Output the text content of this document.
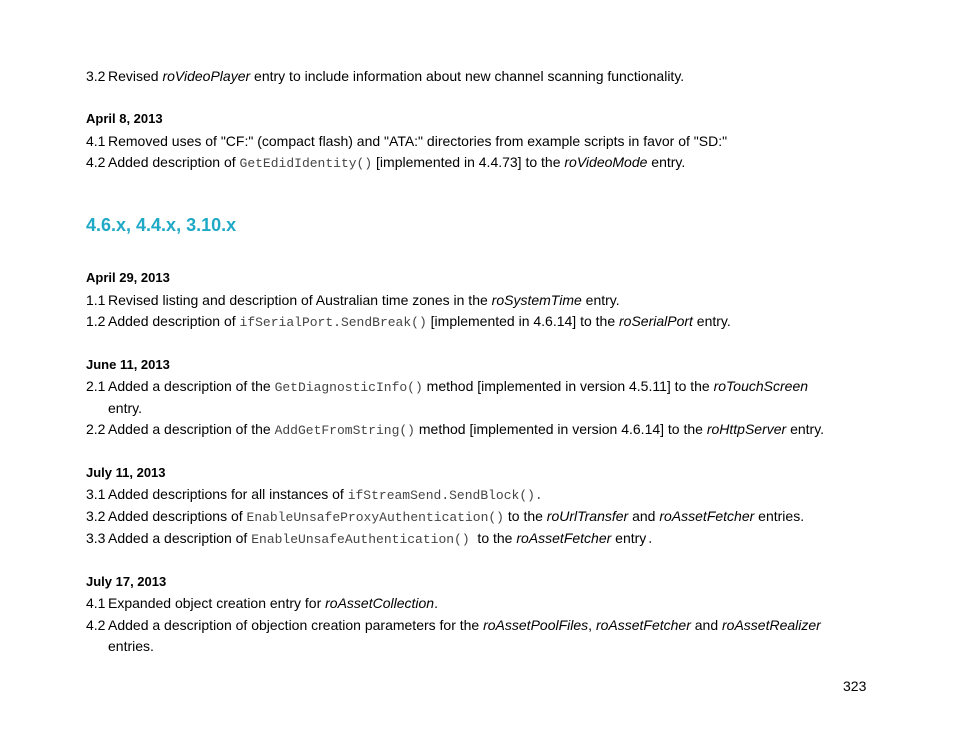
3.2 Revised roVideoPlayer entry to include information about new channel scanning functionality.
April 8, 2013
4.1 Removed uses of "CF:" (compact flash) and "ATA:" directories from example scripts in favor of "SD:"
4.2 Added description of GetEdidIdentity() [implemented in 4.4.73] to the roVideoMode entry.
4.6.x, 4.4.x, 3.10.x
April 29, 2013
1.1 Revised listing and description of Australian time zones in the roSystemTime entry.
1.2 Added description of ifSerialPort.SendBreak() [implemented in 4.6.14] to the roSerialPort entry.
June 11, 2013
2.1 Added a description of the GetDiagnosticInfo() method [implemented in version 4.5.11] to the roTouchScreen
entry.
2.2 Added a description of the AddGetFromString() method [implemented in version 4.6.14] to the roHttpServer entry.
July 11, 2013
3.1 Added descriptions for all instances of ifStreamSend.SendBlock().
3.2 Added descriptions of EnableUnsafeProxyAuthentication() to the roUrlTransfer and roAssetFetcher entries.
3.3 Added a description of EnableUnsafeAuthentication()  to the roAssetFetcher entry.
July 17, 2013
4.1 Expanded object creation entry for roAssetCollection.
4.2 Added a description of objection creation parameters for the roAssetPoolFiles, roAssetFetcher and roAssetRealizer
entries.
323
